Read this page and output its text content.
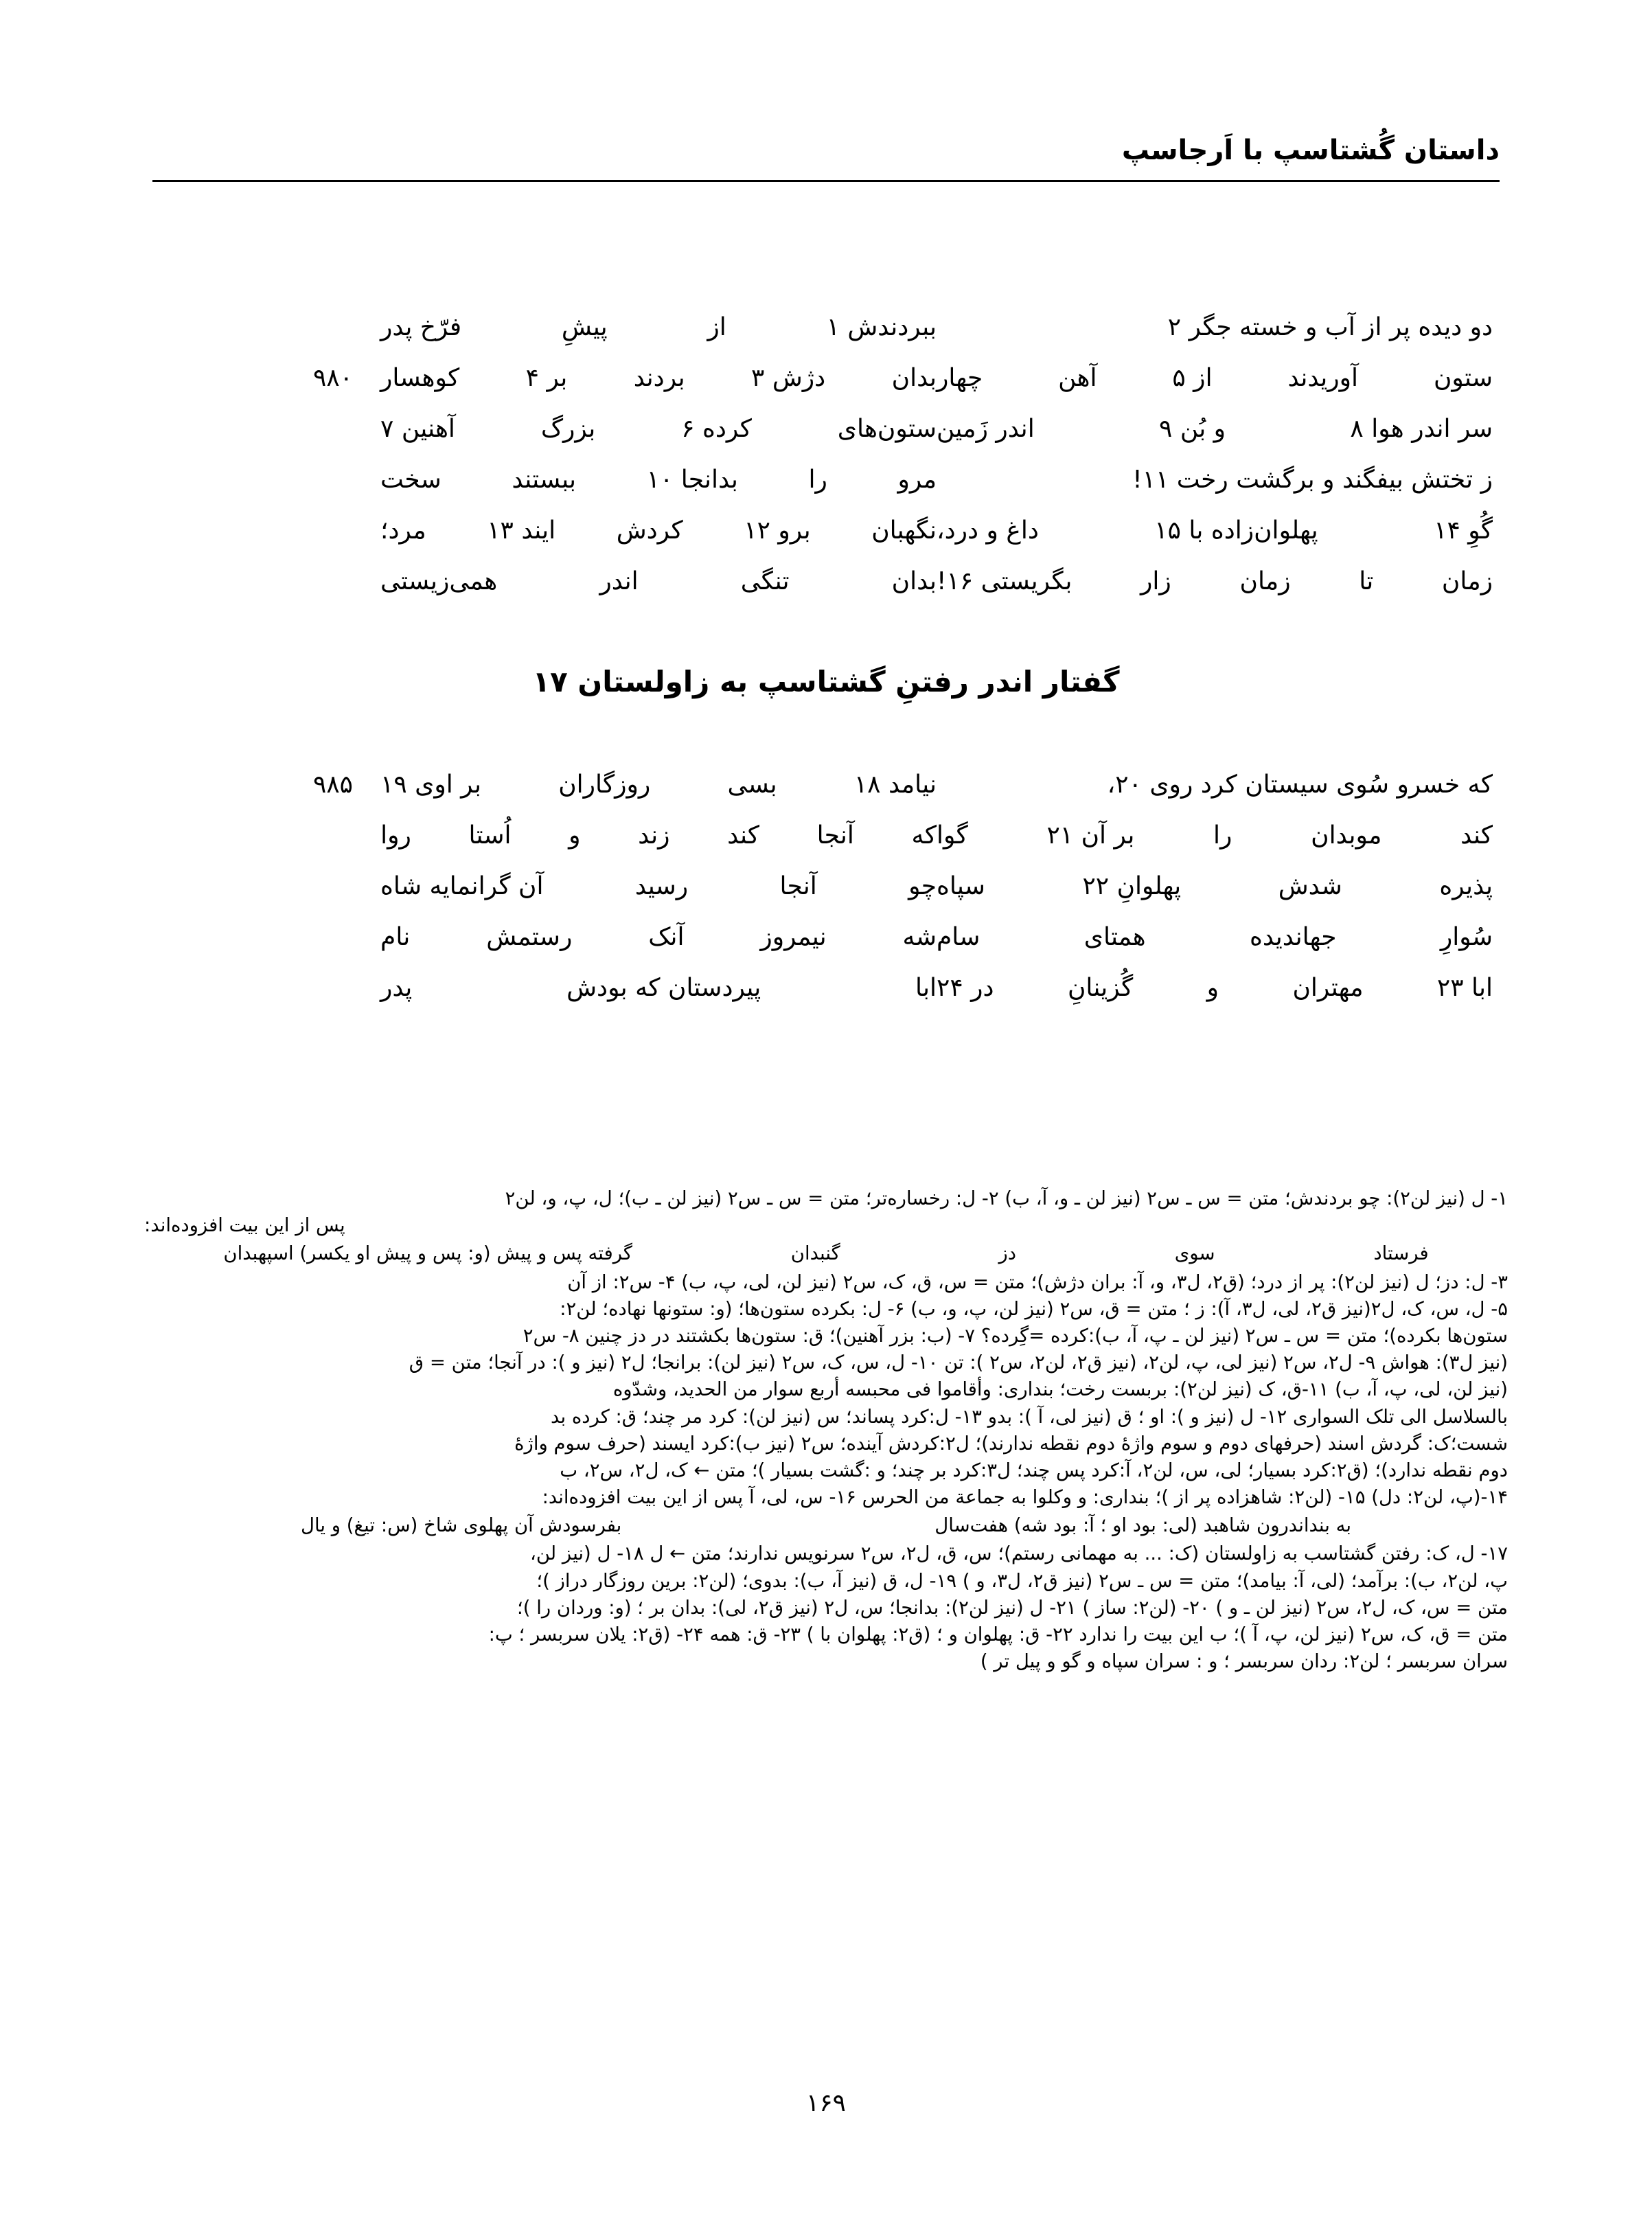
داستان گُشتاسپ با اَرجاسپ
دو دیده پر از آب و خسته جگر ۲
ببردندش ۱
از
پیشِ
فرّخ پدر
ستون
آوریدند
از ۵
آهن
چهار
بدان
دژش ۳
بردند
بر ۴
کوهسار
۹۸۰
سر اندر هوا ۸
و بُن ۹
اندر زَمین
ستون‌های
کرده ۶
بزرگ
آهنین ۷
ز تختش بیفگند و برگشت رخت ۱۱!
مرو
را
بدانجا ۱۰
ببستند
سخت
گُوِ ۱۴
پهلوان‌زاده با ۱۵
داغ و درد،
نگهبان
برو ۱۲
کردش
ایند ۱۳
مرد؛
زمان
تا
زمان
زار
بگریستی ۱۶!
بدان
تنگی
اندر
همی‌زیستی
گفتار اندر رفتنِ گشتاسپ به زاولستان ۱۷
که خسرو سُوی سیستان کرد روی ۲۰،
نیامد ۱۸
بسی
روزگاران
بر اوی ۱۹
۹۸۵
کند
موبدان
را
بر آن ۲۱
گوا
که
آنجا
کند
زند
و
اُستا
روا
پذیره
شدش
پهلوانِ ۲۲
سپاه
چو
آنجا
رسید
آن گرانمایه شاه
سُوارِ
جهاندیده
همتای
سام
شه
نیمروز
آنک
رستمش
نام
ابا ۲۳
مهتران
و
گُزینانِ
در ۲۴
ابا
پیردستان که بودش
پدر
۱- ل (نیز لن۲): چو بردندش؛ متن = س ـ س۲ (نیز لن ـ و، آ، ب) ۲- ل: رخساره‌تر؛ متن = س ـ س۲ (نیز لن ـ ب)؛ ل، پ، و، لن۲
پس از این بیت افزوده‌اند:
فرستاد
سوی
دز
گنبدان
گرفته پس و پیش (و: پس و پیش او یکسر) اسپهبدان
۳- ل: دز؛ ل (نیز لن۲): پر از درد؛ (ق۲، ل۳، و، آ: بران دژش)؛ متن = س، ق، ک، س۲ (نیز لن، لی، پ، ب) ۴- س۲: از آن
۵- ل، س، ک، ل۲(نیز ق۲، لی، ل۳، آ): ز ؛ متن = ق، س۲ (نیز لن، پ، و، ب) ۶- ل: بکرده ستون‌ها؛ (و: ستونها نهاده؛ لن۲:
ستون‌ها بکرده)؛ متن = س ـ س۲ (نیز لن ـ پ، آ، ب):کرده =گِرده؟ ۷- (ب: بزر آهنین)؛ ق: ستون‌ها بکشتند در دز چنین ۸- س۲
(نیز ل۳): هواش ۹- ل۲، س۲ (نیز لی، پ، لن۲، (نیز ق۲، لن۲، س۲ ): تن ۱۰- ل، س، ک، س۲ (نیز لن): برانجا؛ ل۲ (نیز و ): در آنجا؛ متن = ق
(نیز لن، لی، پ، آ، ب) ۱۱-ق، ک (نیز لن۲): بربست رخت؛ بنداری: وأقاموا فی محبسه أربع سوار من الحدید، وشدّوه
بالسلاسل الی تلک السواری ۱۲- ل (نیز و ): او ؛ ق (نیز لی، آ ): بدو ۱۳- ل:کرد پساند؛ س (نیز لن): کرد مر چند؛ ق: کرده بد
شست؛ک: گردش اسند (حرفهای دوم و سوم واژهٔ دوم نقطه ندارند)؛ ل۲:کردش آینده؛ س۲ (نیز ب):کرد ایسند (حرف سوم واژهٔ
دوم نقطه ندارد)؛ (ق۲:کرد بسیار؛ لی، س، لن۲، آ:کرد پس چند؛ ل۳:کرد بر چند؛ و :گشت بسیار )؛ متن ← ک، ل۲، س۲، ب
۱۴-(پ، لن۲: دل) ۱۵- (لن۲: شاهزاده پر از )؛ بنداری: و وکلوا به جماعة من الحرس ۱۶- س، لی، آ پس از این بیت افزوده‌اند:
به بنداندرون شاهبد (لی: بود او ؛ آ: بود شه) هفت‌سال
بفرسودش آن پهلوی شاخ (س: تیغ) و یال
۱۷- ل، ک: رفتن گشتاسب به زاولستان (ک: ... به مهمانی رستم)؛ س، ق، ل۲، س۲ سرنویس ندارند؛ متن ← ل ۱۸- ل (نیز لن،
پ، لن۲، ب): برآمد؛ (لی، آ: بیامد)؛ متن = س ـ س۲ (نیز ق۲، ل۳، و ) ۱۹- ل، ق (نیز آ، ب): بدوی؛ (لن۲: برین روزگار دراز )؛
متن = س، ک، ل۲، س۲ (نیز لن ـ و ) ۲۰- (لن۲: ساز ) ۲۱- ل (نیز لن۲): بدانجا؛ س، ل۲ (نیز ق۲، لی): بدان بر ؛ (و: وردان را )؛
متن = ق، ک، س۲ (نیز لن، پ، آ )؛ ب این بیت را ندارد ۲۲- ق: پهلوان و ؛ (ق۲: پهلوان با ) ۲۳- ق: همه ۲۴- (ق۲: یلان سربسر ؛ پ:
سران سربسر ؛ لن۲: ردان سربسر ؛ و : سران سپاه و گو و پیل تر )
۱۶۹
